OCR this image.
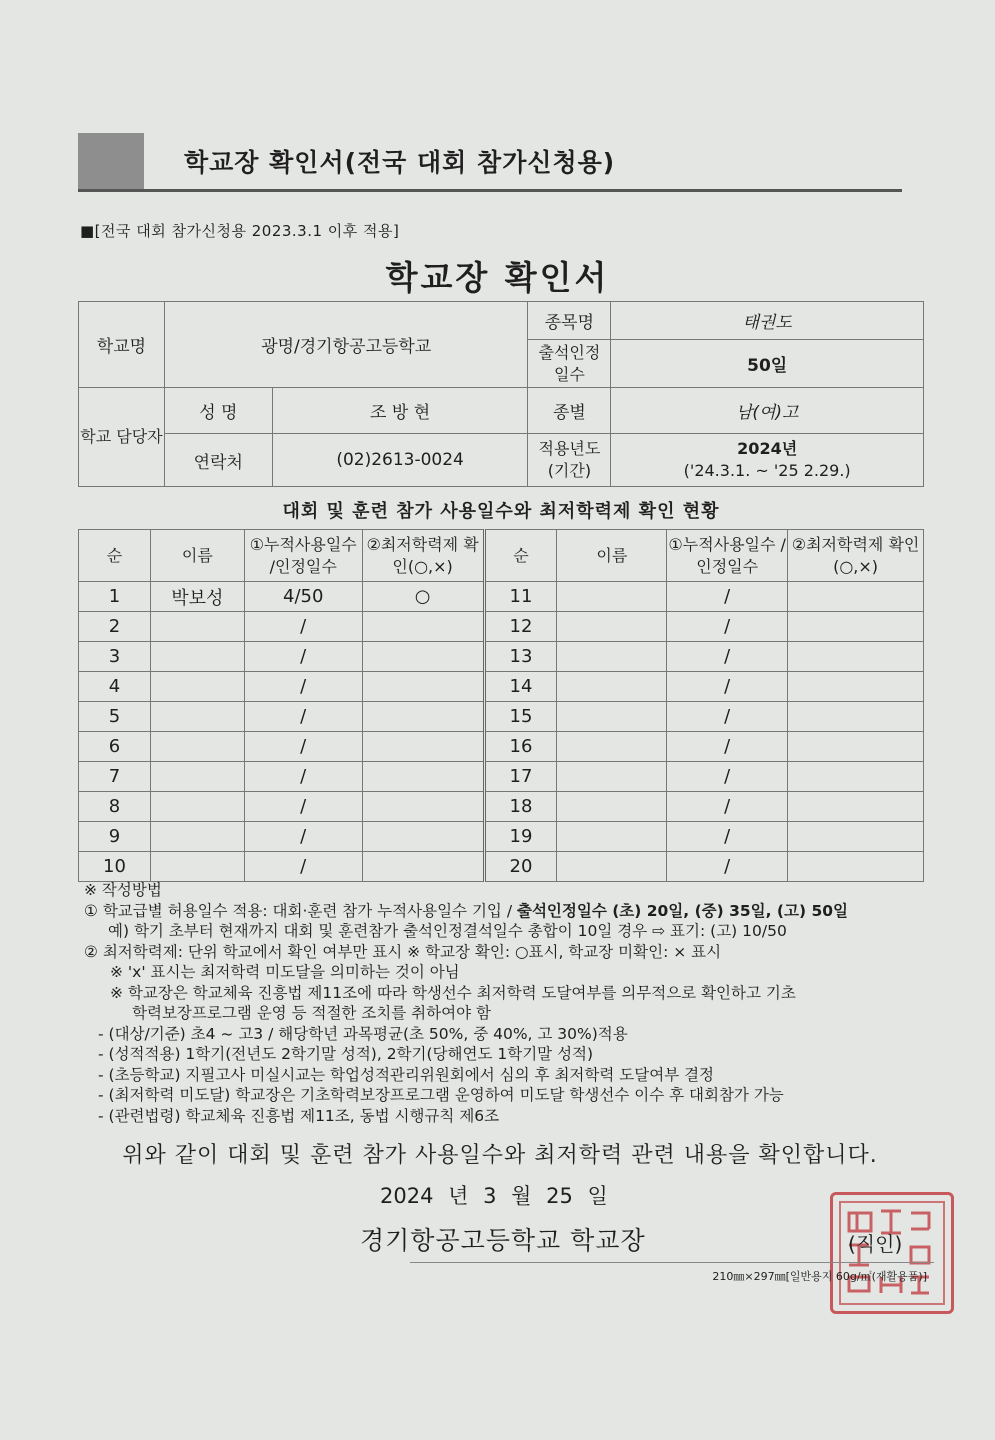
학교장 확인서(전국 대회 참가신청용)
■[전국 대회 참가신청용 2023.3.1 이후 적용]
학교장 확인서
학교명	광명/경기항공고등학교		종목명	태권도
			출석인정 일수	50일
학교 담당자	성 명	조 방 현	종별	남(여)고
	연락처	(02)2613-0024	적용년도 (기간)	2024년
('24.3.1. ~ '25 2.29.)
대회 및 훈련 참가 사용일수와 최저학력제 확인 현황
순	이름	①누적사용일수 /인정일수	②최저학력제 확인(○,×)	순	이름	①누적사용일수 /인정일수	②최저학력제 확인(○,×)
1	박보성	4/50	○	11		/	
2		/		12		/	
3		/		13		/	
4		/		14		/	
5		/		15		/	
6		/		16		/	
7		/		17		/	
8		/		18		/	
9		/		19		/	
10		/		20		/	
※ 작성방법
① 학교급별 허용일수 적용: 대회·훈련 참가 누적사용일수 기입 / 출석인정일수 (초) 20일, (중) 35일, (고) 50일
예) 학기 초부터 현재까지 대회 및 훈련참가 출석인정결석일수 총합이 10일 경우 ⇨ 표기: (고) 10/50
② 최저학력제: 단위 학교에서 확인 여부만 표시 ※ 학교장 확인: ○표시, 학교장 미확인: × 표시
※ 'x' 표시는 최저학력 미도달을 의미하는 것이 아님
※ 학교장은 학교체육 진흥법 제11조에 따라 학생선수 최저학력 도달여부를 의무적으로 확인하고 기초
학력보장프로그램 운영 등 적절한 조치를 취하여야 함
- (대상/기준) 초4 ~ 고3 / 해당학년 과목평균(초 50%, 중 40%, 고 30%)적용
- (성적적용) 1학기(전년도 2학기말 성적), 2학기(당해연도 1학기말 성적)
- (초등학교) 지필고사 미실시교는 학업성적관리위원회에서 심의 후 최저학력 도달여부 결정
- (최저학력 미도달) 학교장은 기초학력보장프로그램 운영하여 미도달 학생선수 이수 후 대회참가 가능
- (관련법령) 학교체육 진흥법 제11조, 동법 시행규칙 제6조
위와 같이 대회 및 훈련 참가 사용일수와 최저학력 관련 내용을 확인합니다.
2024 년 3 월 25 일
경기항공고등학교 학교장	(직인)
210㎜×297㎜[일반용지 60g/㎡(재활용품)]
